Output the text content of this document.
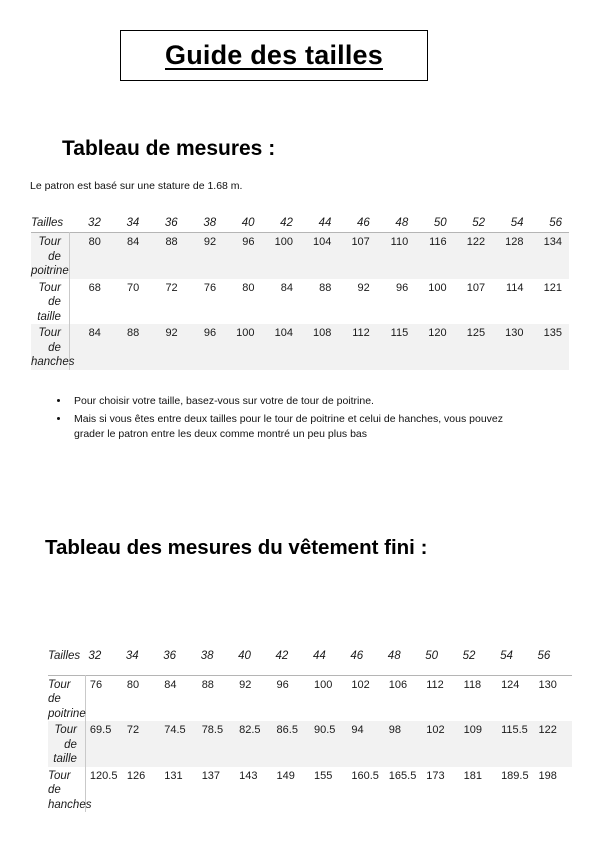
Guide des tailles
Tableau de mesures :
Le patron est basé sur une stature de 1.68 m.
Tailles	32	34	36	38	40	42	44	46	48	50	52	54	56
Tour de poitrine	80	84	88	92	96	100	104	107	110	116	122	128	134
Tour de taille	68	70	72	76	80	84	88	92	96	100	107	114	121
Tour de hanches	84	88	92	96	100	104	108	112	115	120	125	130	135
• Pour choisir votre taille, basez-vous sur votre de tour de poitrine.
• Mais si vous êtes entre deux tailles pour le tour de poitrine et celui de hanches, vous pouvez grader le patron entre les deux comme montré un peu plus bas
Tableau des mesures du vêtement fini :
Tailles	32	34	36	38	40	42	44	46	48	50	52	54	56
Tour de poitrine	76	80	84	88	92	96	100	102	106	112	118	124	130
Tour de taille	69.5	72	74.5	78.5	82.5	86.5	90.5	94	98	102	109	115.5	122
Tour de hanches	120.5	126	131	137	143	149	155	160.5	165.5	173	181	189.5	198
